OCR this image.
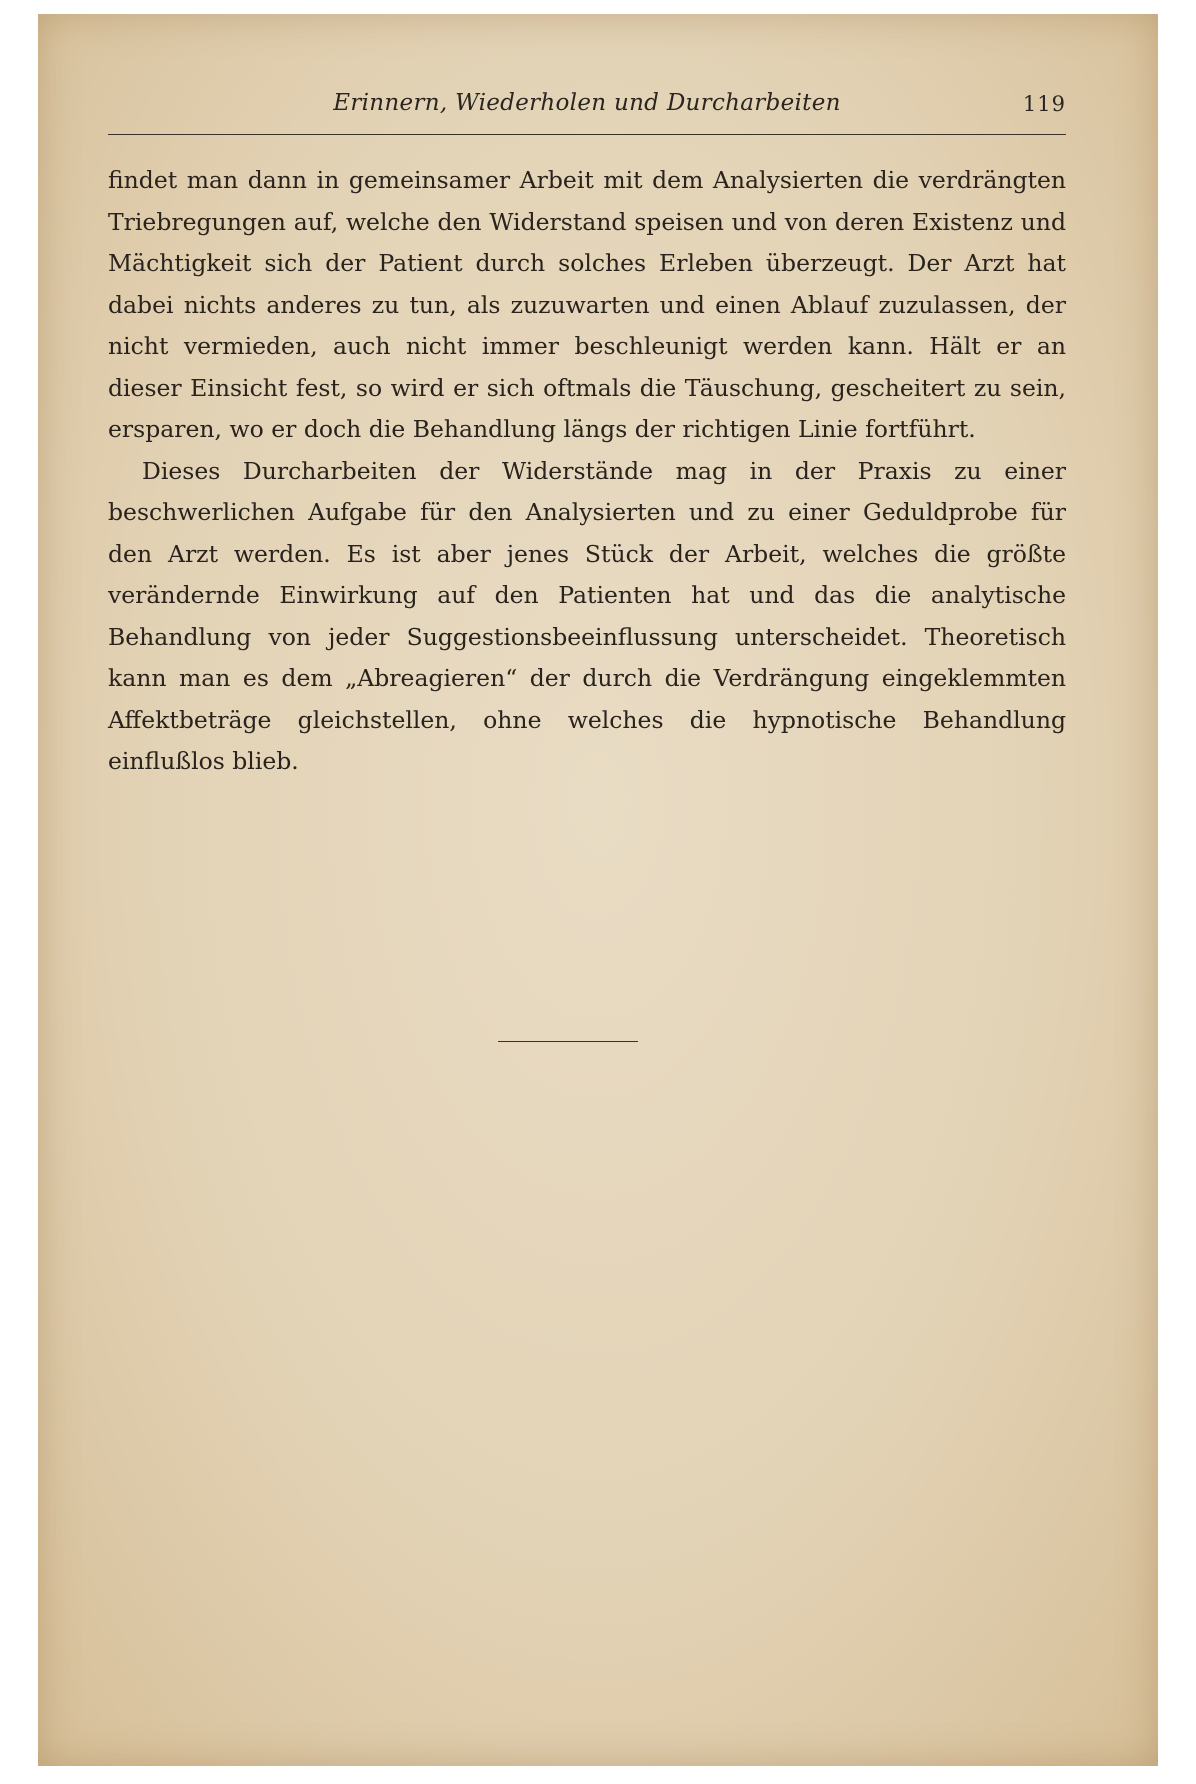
Erinnern, Wiederholen und Durcharbeiten	119

findet man dann in gemeinsamer Arbeit mit dem Analysierten die verdrängten Triebregungen auf, welche den Widerstand speisen und von deren Existenz und Mächtigkeit sich der Patient durch solches Erleben überzeugt. Der Arzt hat dabei nichts anderes zu tun, als zuzuwarten und einen Ablauf zuzulassen, der nicht vermieden, auch nicht immer beschleunigt werden kann. Hält er an dieser Einsicht fest, so wird er sich oftmals die Täuschung, gescheitert zu sein, ersparen, wo er doch die Behandlung längs der richtigen Linie fortführt.

Dieses Durcharbeiten der Widerstände mag in der Praxis zu einer beschwerlichen Aufgabe für den Analysierten und zu einer Geduldprobe für den Arzt werden. Es ist aber jenes Stück der Arbeit, welches die größte verändernde Einwirkung auf den Patienten hat und das die analytische Behandlung von jeder Suggestionsbeeinflussung unterscheidet. Theoretisch kann man es dem „Abreagieren“ der durch die Verdrängung eingeklemmten Affektbeträge gleichstellen, ohne welches die hypnotische Behandlung einflußlos blieb.
